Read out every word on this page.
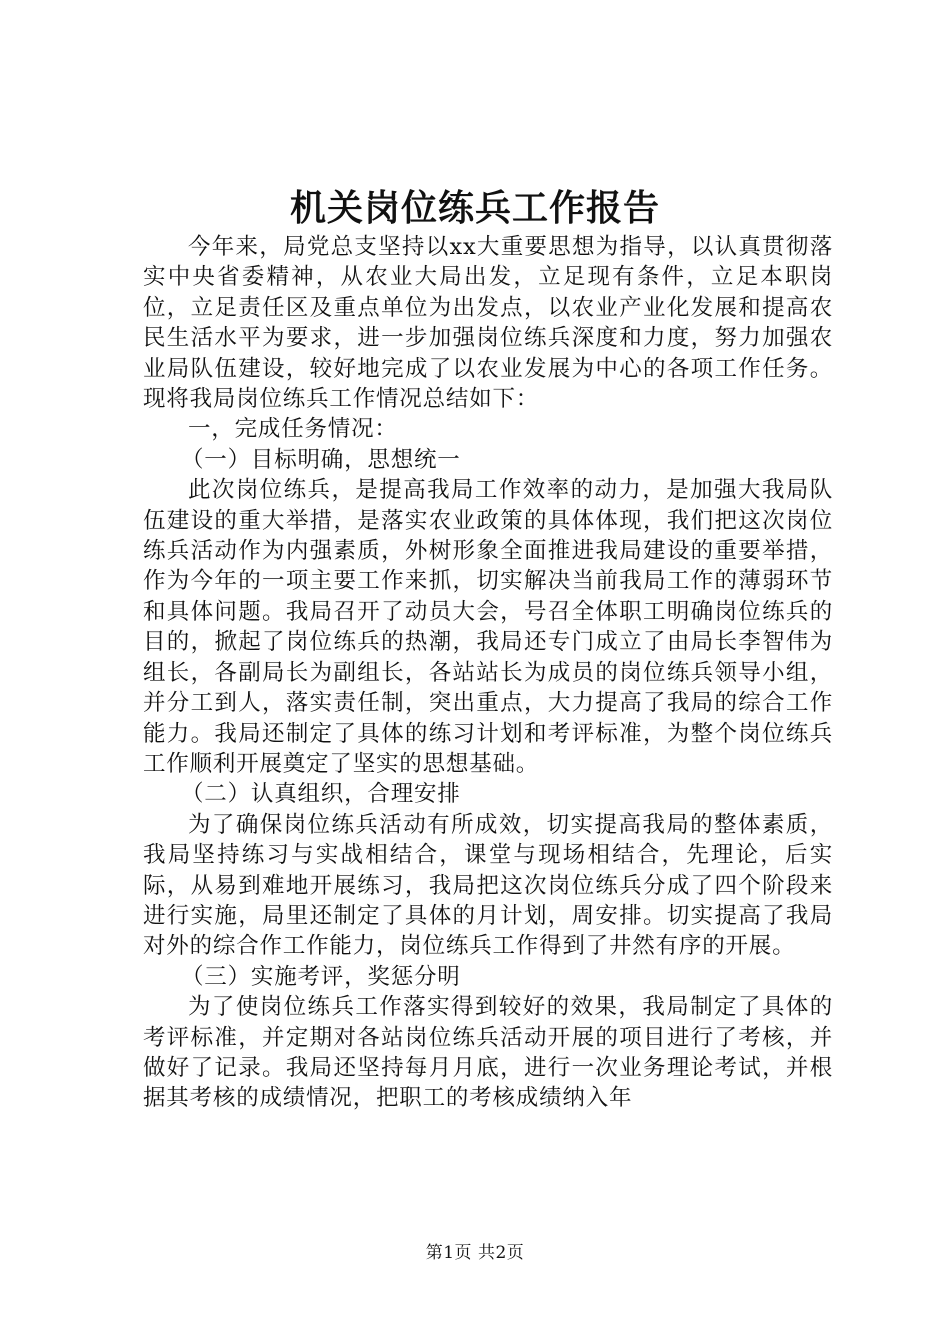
机关岗位练兵工作报告

今年来，局党总支坚持以xx大重要思想为指导，以认真贯彻落实中央省委精神，从农业大局出发，立足现有条件，立足本职岗位，立足责任区及重点单位为出发点，以农业产业化发展和提高农民生活水平为要求，进一步加强岗位练兵深度和力度，努力加强农业局队伍建设，较好地完成了以农业发展为中心的各项工作任务。现将我局岗位练兵工作情况总结如下：

一，完成任务情况：

（一）目标明确，思想统一

此次岗位练兵，是提高我局工作效率的动力，是加强大我局队伍建设的重大举措，是落实农业政策的具体体现，我们把这次岗位练兵活动作为内强素质，外树形象全面推进我局建设的重要举措，作为今年的一项主要工作来抓，切实解决当前我局工作的薄弱环节和具体问题。我局召开了动员大会，号召全体职工明确岗位练兵的目的，掀起了岗位练兵的热潮，我局还专门成立了由局长李智伟为组长，各副局长为副组长，各站站长为成员的岗位练兵领导小组，并分工到人，落实责任制，突出重点，大力提高了我局的综合工作能力。我局还制定了具体的练习计划和考评标准，为整个岗位练兵工作顺利开展奠定了坚实的思想基础。

（二）认真组织，合理安排

为了确保岗位练兵活动有所成效，切实提高我局的整体素质，我局坚持练习与实战相结合，课堂与现场相结合，先理论，后实际，从易到难地开展练习，我局把这次岗位练兵分成了四个阶段来进行实施，局里还制定了具体的月计划，周安排。切实提高了我局对外的综合作工作能力，岗位练兵工作得到了井然有序的开展。

（三）实施考评，奖惩分明

为了使岗位练兵工作落实得到较好的效果，我局制定了具体的考评标准，并定期对各站岗位练兵活动开展的项目进行了考核，并做好了记录。我局还坚持每月月底，进行一次业务理论考试，并根据其考核的成绩情况，把职工的考核成绩纳入年

第1页 共2页
